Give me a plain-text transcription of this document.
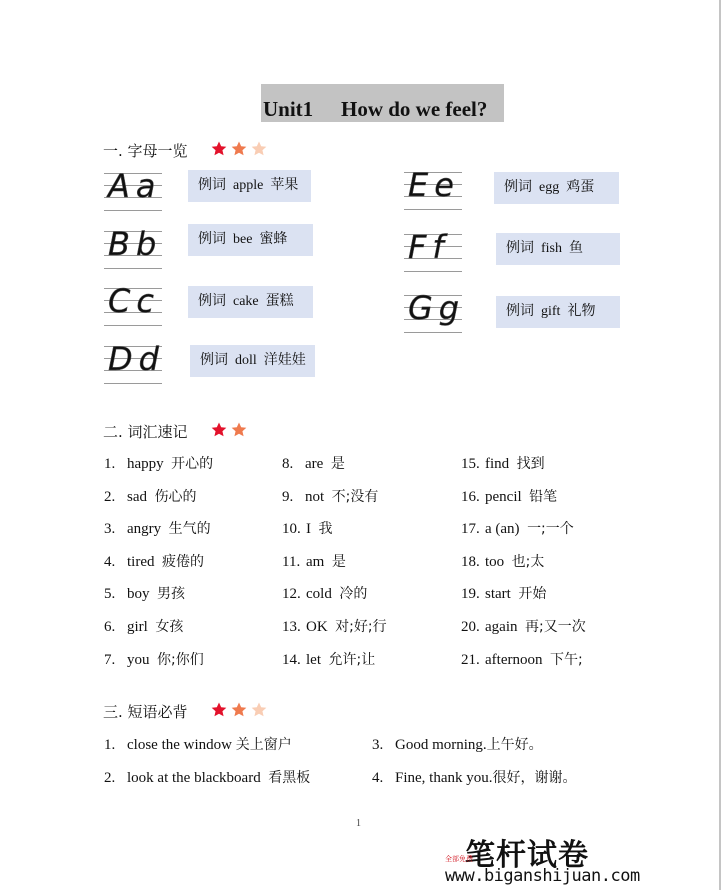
Unit1 How do we feel?
一. 字母一览
Aa	例词 apple 苹果
Bb	例词 bee 蜜蜂
Cc	例词 cake 蛋糕
Dd	例词 doll 洋娃娃
Ee	例词 egg 鸡蛋
Ff	例词 fish 鱼
Gg	例词 gift 礼物
二. 词汇速记
1. happy 开心的
2. sad 伤心的
3. angry 生气的
4. tired 疲倦的
5. boy 男孩
6. girl 女孩
7. you 你;你们
8. are 是
9. not 不;没有
10. I 我
11. am 是
12. cold 冷的
13. OK 对;好;行
14. let 允许;让
15. find 找到
16. pencil 铅笔
17. a (an) 一;一个
18. too 也;太
19. start 开始
20. again 再;又一次
21. afternoon 下午;
三. 短语必背
1. close the window 关上窗户
2. look at the blackboard 看黑板
3. Good morning.上午好。
4. Fine, thank you.很好，谢谢。
1
笔杆试卷
全部免费
www.biganshijuan.com
